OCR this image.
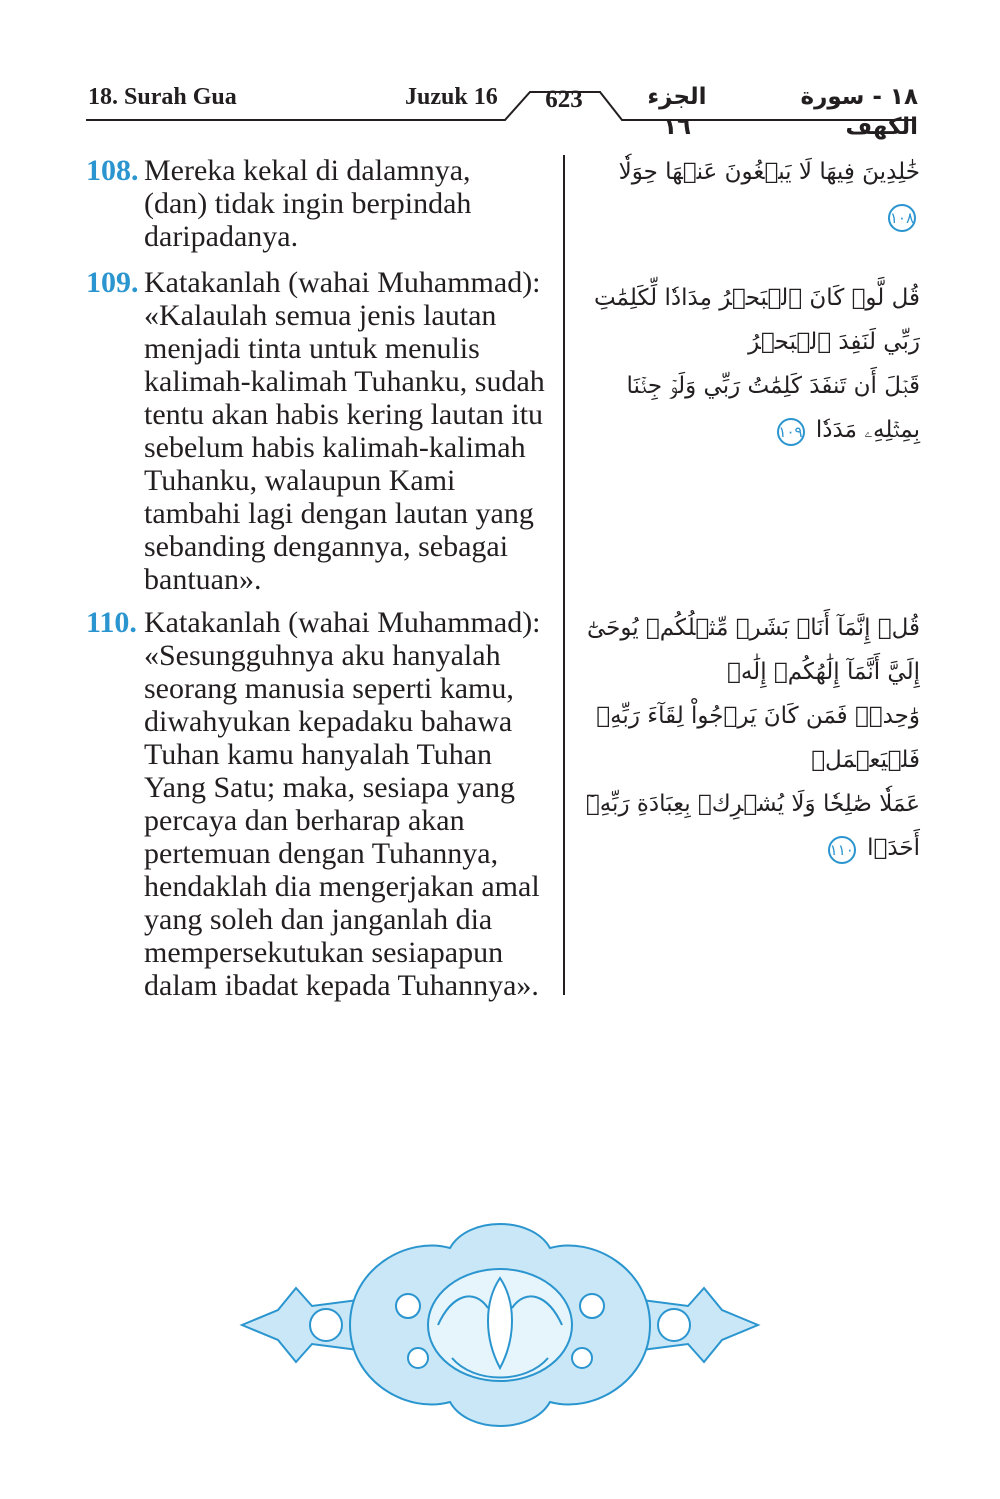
18. Surah Gua	Juzuk 16	623	الجزء ١٦
١٨ - سورة الكهف
108. Mereka kekal di dalamnya,
(dan) tidak ingin berpindah
daripadanya.
109. Katakanlah (wahai Muhammad):
«Kalaulah semua jenis lautan
menjadi tinta untuk menulis
kalimah-kalimah Tuhanku, sudah
tentu akan habis kering lautan itu
sebelum habis kalimah-kalimah
Tuhanku, walaupun Kami
tambahi lagi dengan lautan yang
sebanding dengannya, sebagai
bantuan».
110. Katakanlah (wahai Muhammad):
«Sesungguhnya aku hanyalah
seorang manusia seperti kamu,
diwahyukan kepadaku bahawa
Tuhan kamu hanyalah Tuhan
Yang Satu; maka, sesiapa yang
percaya dan berharap akan
pertemuan dengan Tuhannya,
hendaklah dia mengerjakan amal
yang soleh dan janganlah dia
mempersekutukan sesiapapun
dalam ibadat kepada Tuhannya».
خَٰلِدِينَ فِيهَا لَا يَبۡغُونَ عَنۡهَا حِوَلٗا ١٠٨
قُل لَّوۡ كَانَ ٱلۡبَحۡرُ مِدَادٗا لِّكَلِمَٰتِ رَبِّي لَنَفِدَ ٱلۡبَحۡرُ
قَبۡلَ أَن تَنفَدَ كَلِمَٰتُ رَبِّي وَلَوۡ جِئۡنَا بِمِثۡلِهِۦ مَدَدٗا ١٠٩
قُلۡ إِنَّمَآ أَنَا۠ بَشَرٞ مِّثۡلُكُمۡ يُوحَىٰٓ إِلَيَّ أَنَّمَآ إِلَٰهُكُمۡ إِلَٰهٞ
وَٰحِدٞۖ فَمَن كَانَ يَرۡجُواْ لِقَآءَ رَبِّهِۦ فَلۡيَعۡمَلۡ
عَمَلٗا صَٰلِحٗا وَلَا يُشۡرِكۡ بِعِبَادَةِ رَبِّهِۦٓ أَحَدَۢا ١١٠
